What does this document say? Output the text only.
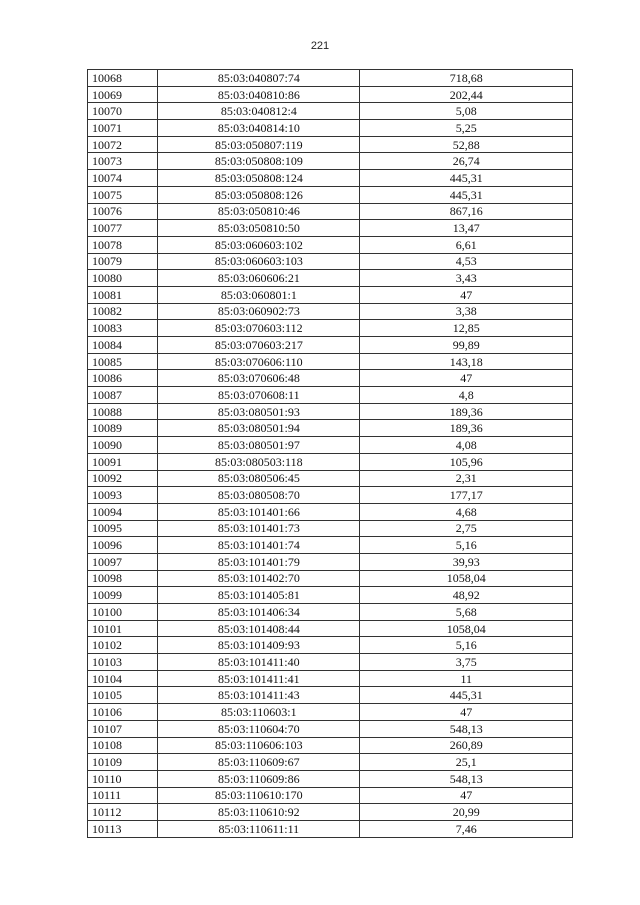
221
10068	85:03:040807:74	718,68
10069	85:03:040810:86	202,44
10070	85:03:040812:4	5,08
10071	85:03:040814:10	5,25
10072	85:03:050807:119	52,88
10073	85:03:050808:109	26,74
10074	85:03:050808:124	445,31
10075	85:03:050808:126	445,31
10076	85:03:050810:46	867,16
10077	85:03:050810:50	13,47
10078	85:03:060603:102	6,61
10079	85:03:060603:103	4,53
10080	85:03:060606:21	3,43
10081	85:03:060801:1	47
10082	85:03:060902:73	3,38
10083	85:03:070603:112	12,85
10084	85:03:070603:217	99,89
10085	85:03:070606:110	143,18
10086	85:03:070606:48	47
10087	85:03:070608:11	4,8
10088	85:03:080501:93	189,36
10089	85:03:080501:94	189,36
10090	85:03:080501:97	4,08
10091	85:03:080503:118	105,96
10092	85:03:080506:45	2,31
10093	85:03:080508:70	177,17
10094	85:03:101401:66	4,68
10095	85:03:101401:73	2,75
10096	85:03:101401:74	5,16
10097	85:03:101401:79	39,93
10098	85:03:101402:70	1058,04
10099	85:03:101405:81	48,92
10100	85:03:101406:34	5,68
10101	85:03:101408:44	1058,04
10102	85:03:101409:93	5,16
10103	85:03:101411:40	3,75
10104	85:03:101411:41	11
10105	85:03:101411:43	445,31
10106	85:03:110603:1	47
10107	85:03:110604:70	548,13
10108	85:03:110606:103	260,89
10109	85:03:110609:67	25,1
10110	85:03:110609:86	548,13
10111	85:03:110610:170	47
10112	85:03:110610:92	20,99
10113	85:03:110611:11	7,46
